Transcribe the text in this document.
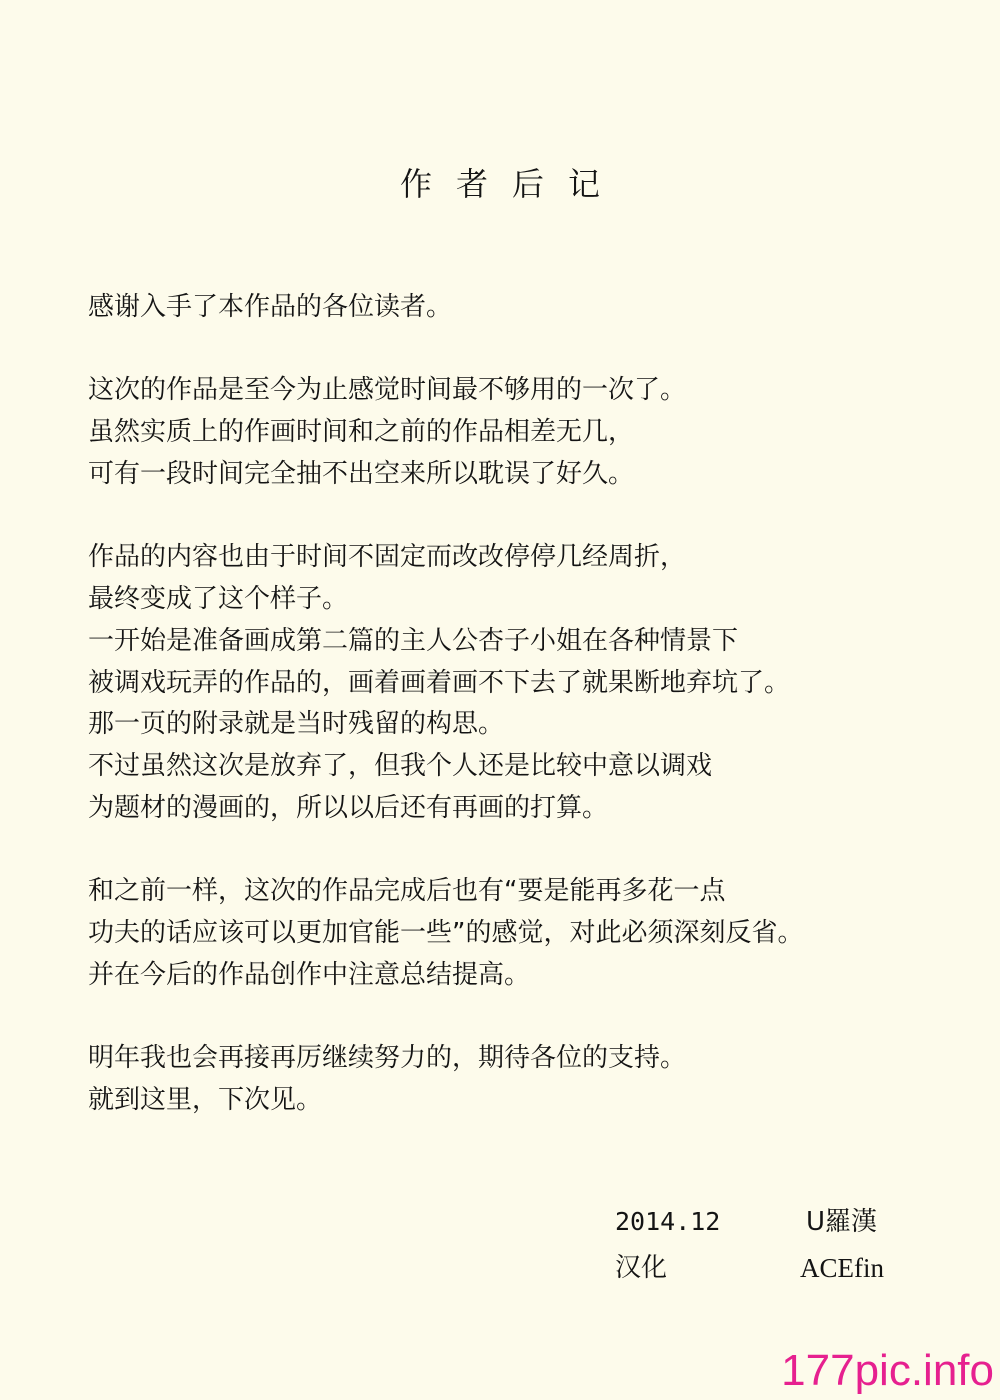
作者后记
感谢入手了本作品的各位读者。
这次的作品是至今为止感觉时间最不够用的一次了。
虽然实质上的作画时间和之前的作品相差无几，
可有一段时间完全抽不出空来所以耽误了好久。
作品的内容也由于时间不固定而改改停停几经周折，
最终变成了这个样子。
一开始是准备画成第二篇的主人公杏子小姐在各种情景下
被调戏玩弄的作品的，画着画着画不下去了就果断地弃坑了。
那一页的附录就是当时残留的构思。
不过虽然这次是放弃了，但我个人还是比较中意以调戏
为题材的漫画的，所以以后还有再画的打算。
和之前一样，这次的作品完成后也有“要是能再多花一点
功夫的话应该可以更加官能一些”的感觉，对此必须深刻反省。
并在今后的作品创作中注意总结提高。
明年我也会再接再厉继续努力的，期待各位的支持。
就到这里，下次见。
2014.12	U羅漢
汉化	ACEfin
177pic.info
